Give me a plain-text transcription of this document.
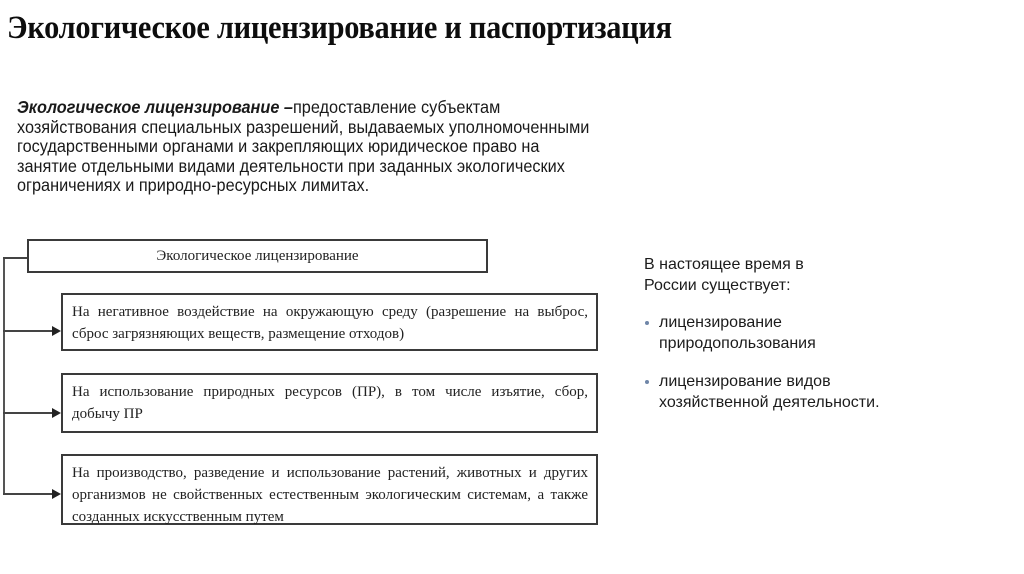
Экологическое лицензирование и паспортизация

Экологическое лицензирование –предоставление субъектам

хозяйствования специальных разрешений, выдаваемых уполномоченными

государственными органами и закрепляющих юридическое право на

занятие отдельными видами деятельности при заданных экологических

ограничениях и природно-ресурсных лимитах.

Экологическое лицензирование

На негативное воздействие на окружающую среду (разрешение на выброс,

сброс загрязняющих веществ, размещение отходов)

На использование природных ресурсов (ПР), в том числе изъятие, сбор,

добычу ПР

На производство, разведение и использование растений, животных и других

организмов не свойственных естественным экологическим системам, а также

созданных искусственным путем

В настоящее время в России существует:

лицензирование
природопользования
лицензирование видов
хозяйственной деятельности.
